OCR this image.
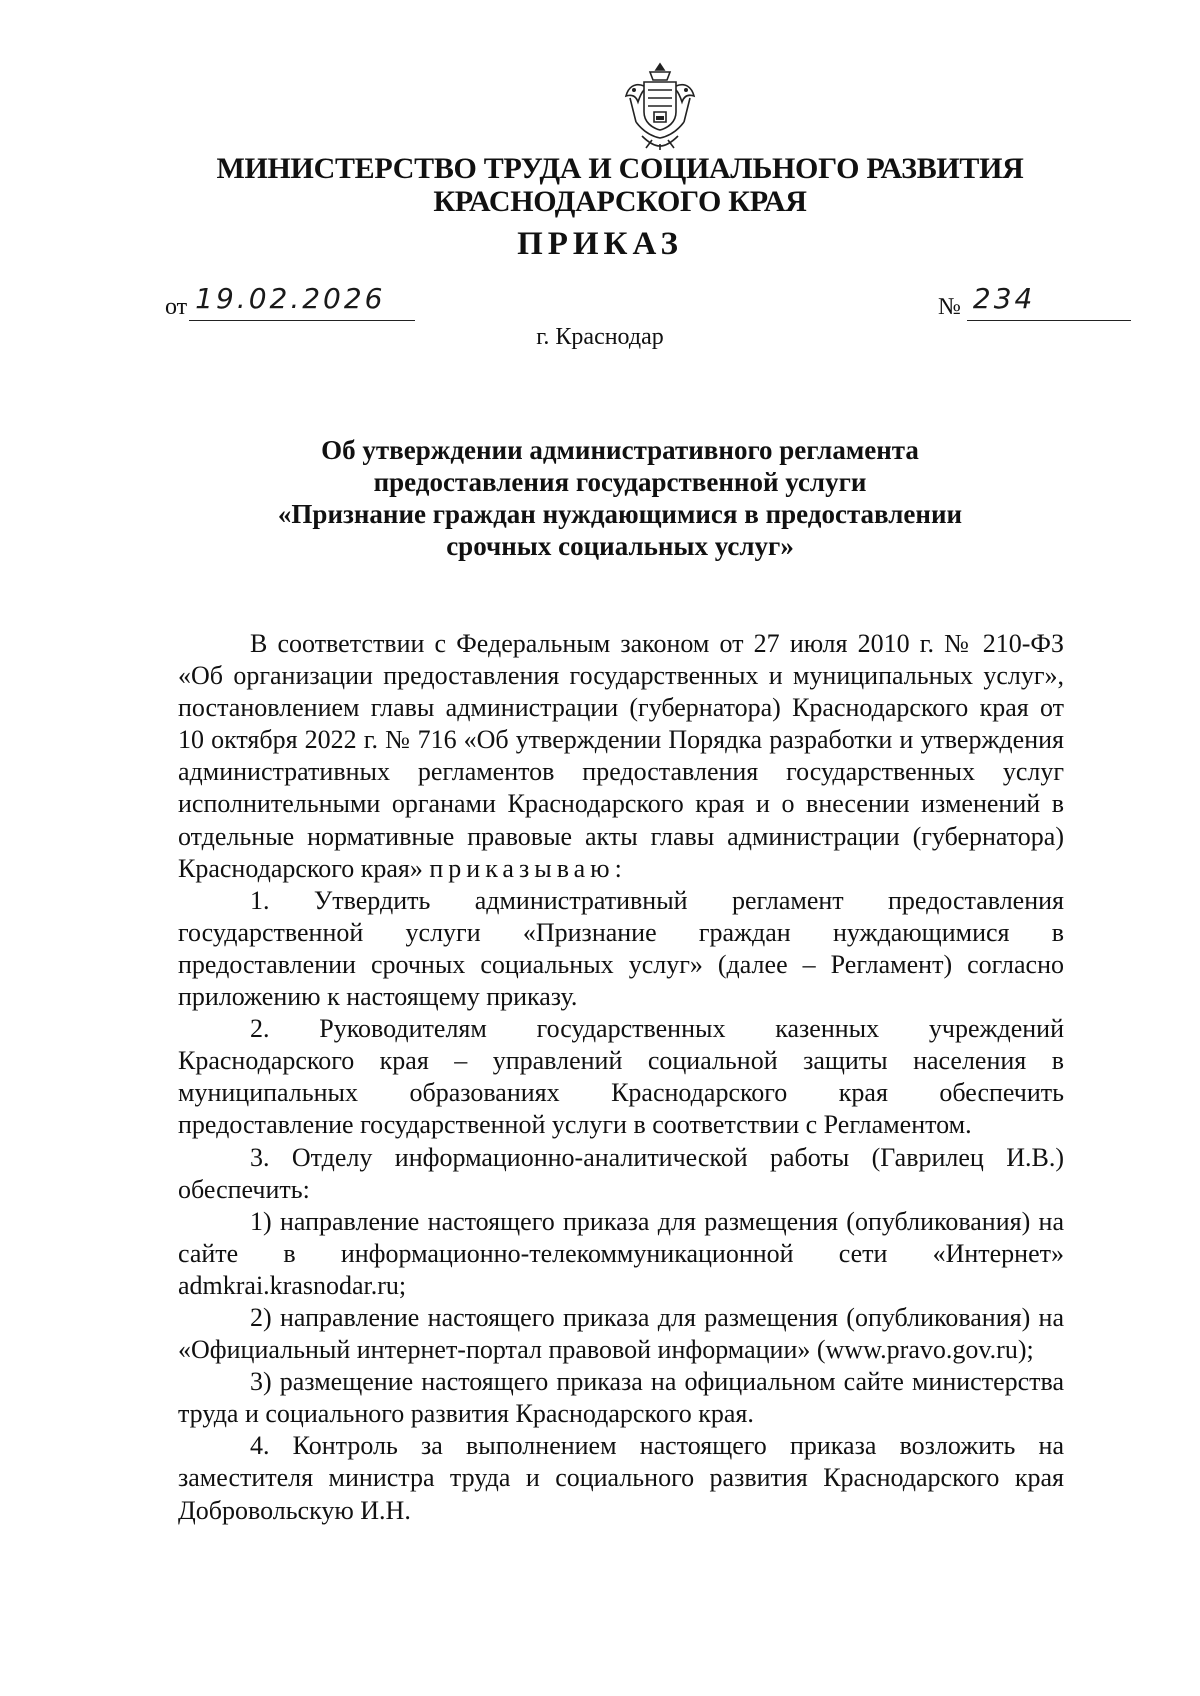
МИНИСТЕРСТВО ТРУДА И СОЦИАЛЬНОГО РАЗВИТИЯ
КРАСНОДАРСКОГО КРАЯ
ПРИКАЗ
от 19.02.2026	№ 234
г. Краснодар
Об утверждении административного регламента
предоставления государственной услуги
«Признание граждан нуждающимися в предоставлении
срочных социальных услуг»

В соответствии с Федеральным законом от 27 июля 2010 г. № 210-ФЗ «Об организации предоставления государственных и муниципальных услуг», постановлением главы администрации (губернатора) Краснодарского края от 10 октября 2022 г. № 716 «Об утверждении Порядка разработки и утверждения административных регламентов предоставления государственных услуг исполнительными органами Краснодарского края и о внесении изменений в отдельные нормативные правовые акты главы администрации (губернатора) Краснодарского края» приказываю:

1. Утвердить административный регламент предоставления государственной услуги «Признание граждан нуждающимися в предоставлении срочных социальных услуг» (далее – Регламент) согласно приложению к настоящему приказу.

2. Руководителям государственных казенных учреждений Краснодарского края – управлений социальной защиты населения в муниципальных образованиях Краснодарского края обеспечить предоставление государственной услуги в соответствии с Регламентом.

3. Отделу информационно-аналитической работы (Гаврилец И.В.) обеспечить:

1) направление настоящего приказа для размещения (опубликования) на сайте в информационно-телекоммуникационной сети «Интернет» admkrai.krasnodar.ru;

2) направление настоящего приказа для размещения (опубликования) на «Официальный интернет-портал правовой информации» (www.pravo.gov.ru);

3) размещение настоящего приказа на официальном сайте министерства труда и социального развития Краснодарского края.

4. Контроль за выполнением настоящего приказа возложить на заместителя министра труда и социального развития Краснодарского края Добровольскую И.Н.
